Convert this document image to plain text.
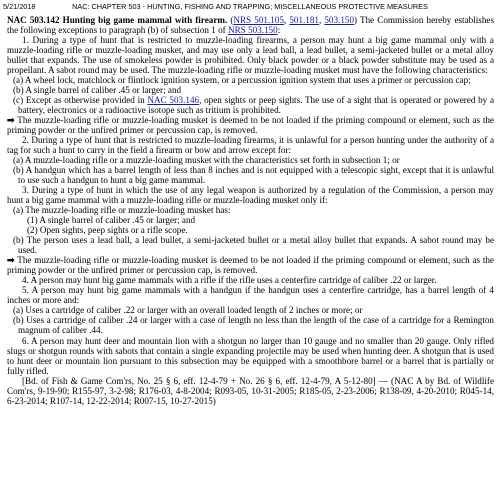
5/21/2018	NAC: CHAPTER 503 - HUNTING, FISHING AND TRAPPING; MISCELLANEOUS PROTECTIVE MEASURES

NAC 503.142 Hunting big game mammal with firearm. (NRS 501.105, 501.181, 503.150) The Commission hereby establishes the following exceptions to paragraph (b) of subsection 1 of NRS 503.150:

1. During a type of hunt that is restricted to muzzle-loading firearms, a person may hunt a big game mammal only with a muzzle-loading rifle or muzzle-loading musket, and may use only a lead ball, a lead bullet, a semi-jacketed bullet or a metal alloy bullet that expands. The use of smokeless powder is prohibited. Only black powder or a black powder substitute may be used as a propellant. A sabot round may be used. The muzzle-loading rifle or muzzle-loading musket must have the following characteristics:

(a) A wheel lock, matchlock or flintlock ignition system, or a percussion ignition system that uses a primer or percussion cap;

(b) A single barrel of caliber .45 or larger; and

(c) Except as otherwise provided in NAC 503.146, open sights or peep sights. The use of a sight that is operated or powered by a battery, electronics or a radioactive isotope such as tritium is prohibited.

➡ The muzzle-loading rifle or muzzle-loading musket is deemed to be not loaded if the priming compound or element, such as the priming powder or the unfired primer or percussion cap, is removed.

2. During a type of hunt that is restricted to muzzle-loading firearms, it is unlawful for a person hunting under the authority of a tag for such a hunt to carry in the field a firearm or bow and arrow except for:

(a) A muzzle-loading rifle or a muzzle-loading musket with the characteristics set forth in subsection 1; or

(b) A handgun which has a barrel length of less than 8 inches and is not equipped with a telescopic sight, except that it is unlawful to use such a handgun to hunt a big game mammal.

3. During a type of hunt in which the use of any legal weapon is authorized by a regulation of the Commission, a person may hunt a big game mammal with a muzzle-loading rifle or muzzle-loading musket only if:

(a) The muzzle-loading rifle or muzzle-loading musket has:

(1) A single barrel of caliber .45 or larger; and

(2) Open sights, peep sights or a rifle scope.

(b) The person uses a lead ball, a lead bullet, a semi-jacketed bullet or a metal alloy bullet that expands. A sabot round may be used.

➡ The muzzle-loading rifle or muzzle-loading musket is deemed to be not loaded if the priming compound or element, such as the priming powder or the unfired primer or percussion cap, is removed.

4. A person may hunt big game mammals with a rifle if the rifle uses a centerfire cartridge of caliber .22 or larger.

5. A person may hunt big game mammals with a handgun if the handgun uses a centerfire cartridge, has a barrel length of 4 inches or more and:

(a) Uses a cartridge of caliber .22 or larger with an overall loaded length of 2 inches or more; or

(b) Uses a cartridge of caliber .24 or larger with a case of length no less than the length of the case of a cartridge for a Remington magnum of caliber .44.

6. A person may hunt deer and mountain lion with a shotgun no larger than 10 gauge and no smaller than 20 gauge. Only rifled slugs or shotgun rounds with sabots that contain a single expanding projectile may be used when hunting deer. A shotgun that is used to hunt deer or mountain lion pursuant to this subsection may be equipped with a smoothbore barrel or a barrel that is partially or fully rifled.

[Bd. of Fish & Game Com'rs, No. 25 § 6, eff. 12-4-79 + No. 26 § 6, eff. 12-4-79, A 5-12-80] — (NAC A by Bd. of Wildlife Com'rs, 9-19-90; R155-97, 3-2-98; R176-03, 4-8-2004; R093-05, 10-31-2005; R185-05, 2-23-2006; R138-09, 4-20-2010; R045-14, 6-23-2014; R107-14, 12-22-2014; R007-15, 10-27-2015)
